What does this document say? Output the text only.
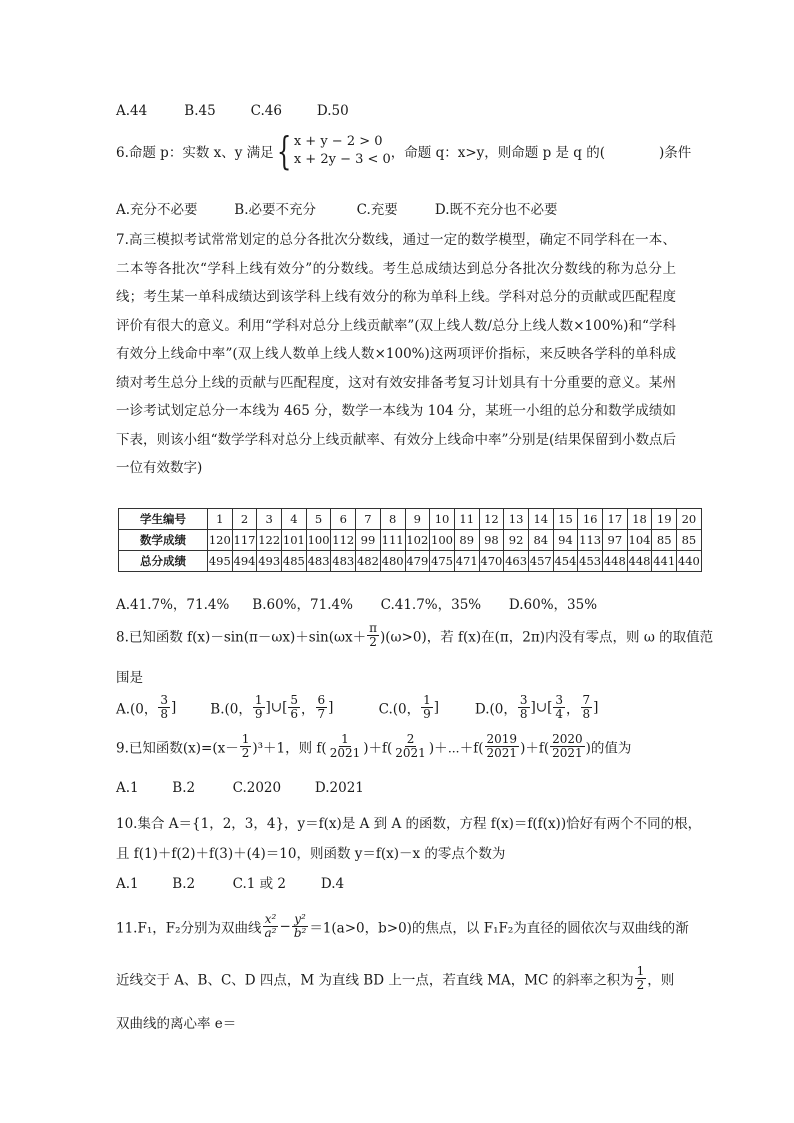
A.44	B.45	C.46	D.50
6.命题 p：实数 x、y 满足{ x + y − 2 > 0
x + 2y − 3 < 0 ，命题 q：x>y，则命题 p 是 q 的(　　　　)条件
A.充分不必要	B.必要不充分	C.充要	D.既不充分也不必要
7.高三模拟考试常常划定的总分各批次分数线，通过一定的数学模型，确定不同学科在一本、二本等各批次“学科上线有效分”的分数线。考生总成绩达到总分各批次分数线的称为总分上线；考生某一单科成绩达到该学科上线有效分的称为单科上线。学科对总分的贡献或匹配程度评价有很大的意义。利用“学科对总分上线贡献率”(双上线人数/总分上线人数×100%)和“学科有效分上线命中率”(双上线人数单上线人数×100%)这两项评价指标，来反映各学科的单科成绩对考生总分上线的贡献与匹配程度，这对有效安排备考复习计划具有十分重要的意义。某州一诊考试划定总分一本线为 465 分，数学一本线为 104 分，某班一小组的总分和数学成绩如下表，则该小组“数学学科对总分上线贡献率、有效分上线命中率”分别是(结果保留到小数点后一位有效数字)
学生编号	1	2	3	4	5	6	7	8	9	10	11	12	13	14	15	16	17	18	19	20
数学成绩	120	117	122	101	100	112	99	111	102	100	89	98	92	84	94	113	97	104	85	85
总分成绩	495	494	493	485	483	483	482	480	479	475	471	470	463	457	454	453	448	448	441	440
A.41.7%，71.4% B.60%，71.4% C.41.7%，35% D.60%，35%
8.已知函数 $f(x)-\sin(\pi-\omega x)+\sin(\omega x+ \frac{\pi}{2} )(\omega>0)$，若 f(x)在(π，2π)内没有零点，则 ω 的取值范
围是
A.(0， $\frac{3}{8}$ ]	B.(0， $\frac{1}{9}$ ]∪[ $\frac{5}{6}$ ， $\frac{6}{7}$ ]	C.(0， $\frac{1}{9}$ ]	D.(0， $\frac{3}{8}$ ]∪[ $\frac{3}{4}$ ， $\frac{7}{8}$ ]
9.已知函数$(x)=(x- \frac{1}{2} )^3+1$，则 $f( \frac{1}{2021} )+f( \frac{2}{2021}$ )＋⋯＋f( $\frac{2019}{2021} )+f( \frac{2020}{2021}$ )的值为
A.1 B.2	C.2020	D.2021
10.集合 A＝{1，2，3，4}，y＝f(x)是 A 到 A 的函数，方程 f(x)＝f(f(x))恰好有两个不同的根，
且 f(1)＋f(2)＋f(3)＋(4)＝10，则函数 y＝f(x)－x 的零点个数为
A.1 B.2	C.1 或 2	D.4
11.F₁，F₂分别为双曲线 $\frac{\text{x²}}{\text{a²}} - \frac{\text{y²}}{\text{b²}} =1(a>0$，b>0)的焦点，以 F₁F₂为直径的圆依次与双曲线的渐
近线交于 A、B、C、D 四点，M 为直线 BD 上一点，若直线 MA，MC 的斜率之积为 $\frac{1}{2}$ ，则
双曲线的离心率 e＝
